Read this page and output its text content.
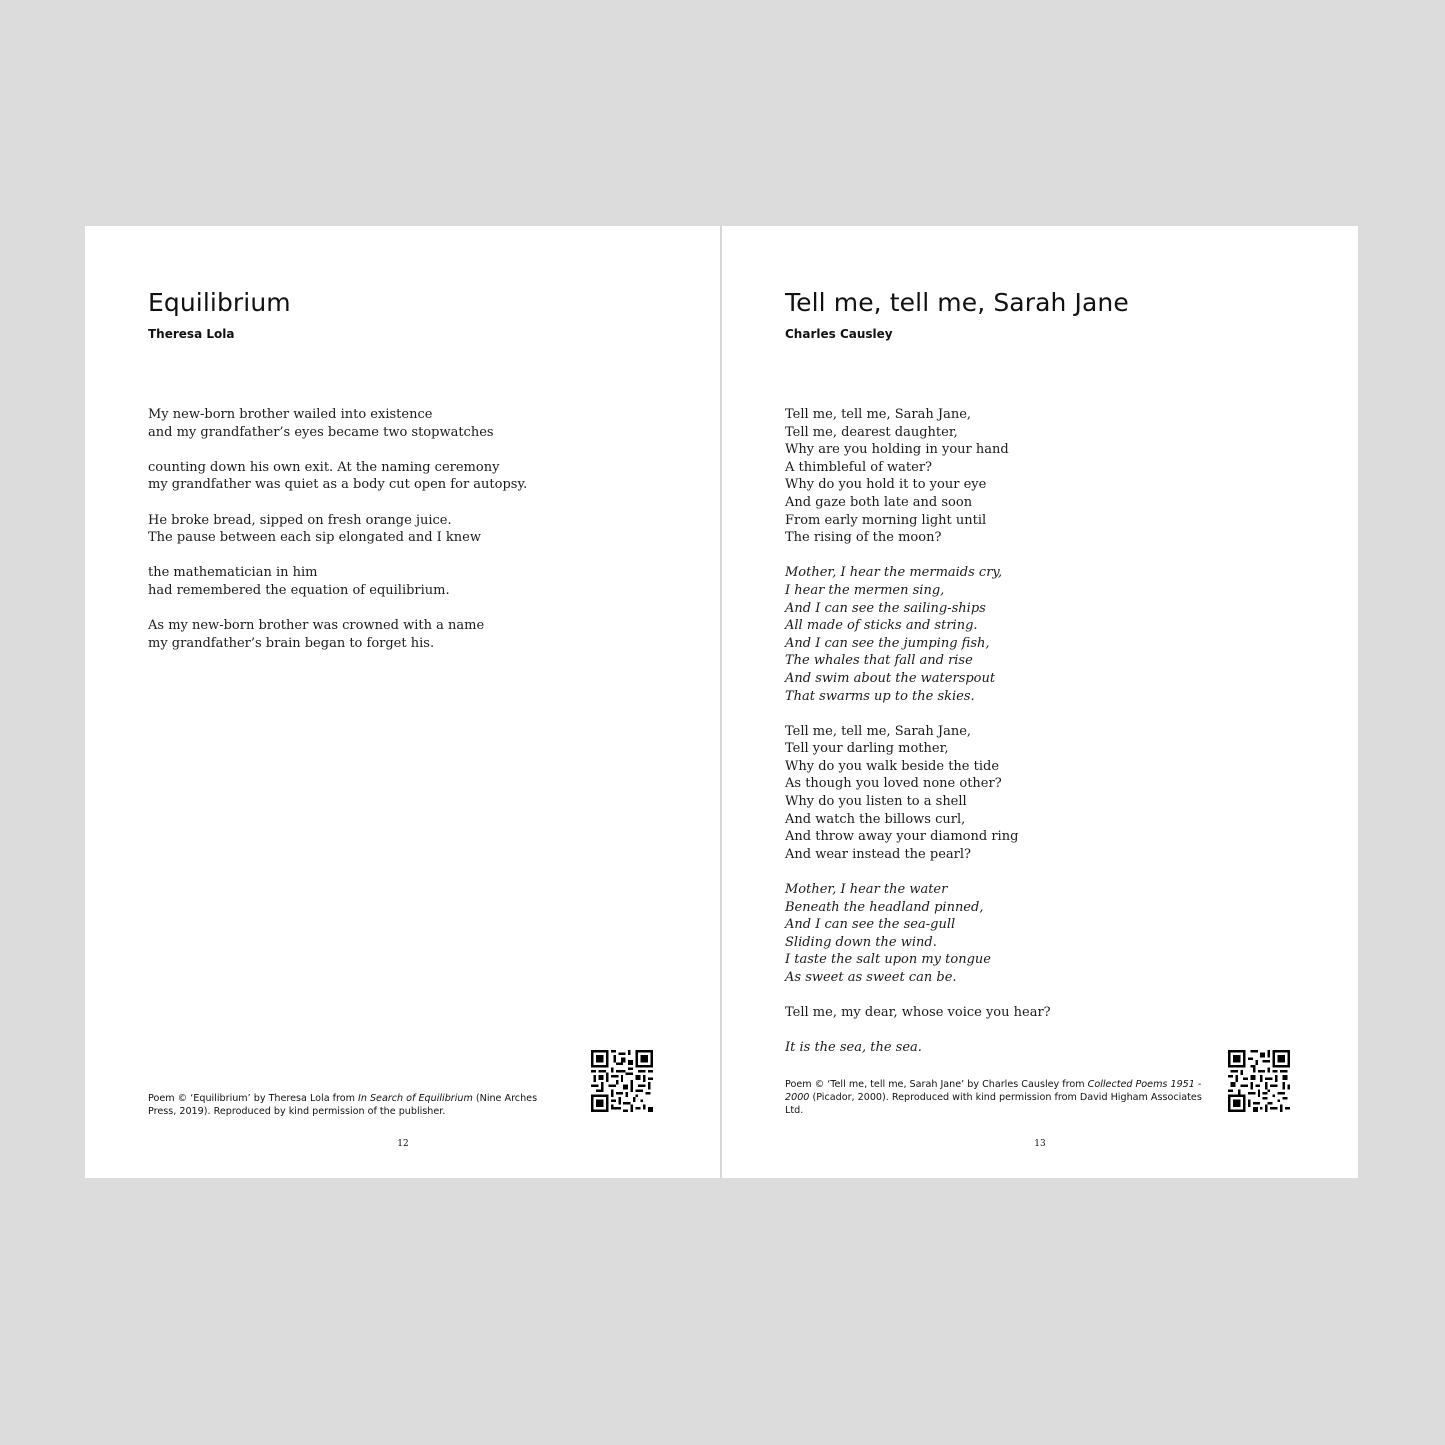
Equilibrium
Theresa Lola
My new-born brother wailed into existence
and my grandfather’s eyes became two stopwatches
counting down his own exit. At the naming ceremony
my grandfather was quiet as a body cut open for autopsy.
He broke bread, sipped on fresh orange juice.
The pause between each sip elongated and I knew
the mathematician in him
had remembered the equation of equilibrium.
As my new-born brother was crowned with a name
my grandfather’s brain began to forget his.

Poem © ‘Equilibrium’ by Theresa Lola from In Search of Equilibrium (Nine Arches Press, 2019). Reproduced by kind permission of the publisher.

12
Tell me, tell me, Sarah Jane
Charles Causley
Tell me, tell me, Sarah Jane,
Tell me, dearest daughter,
Why are you holding in your hand
A thimbleful of water?
Why do you hold it to your eye
And gaze both late and soon
From early morning light until
The rising of the moon?
Mother, I hear the mermaids cry,
I hear the mermen sing,
And I can see the sailing-ships
All made of sticks and string.
And I can see the jumping fish,
The whales that fall and rise
And swim about the waterspout
That swarms up to the skies.
Tell me, tell me, Sarah Jane,
Tell your darling mother,
Why do you walk beside the tide
As though you loved none other?
Why do you listen to a shell
And watch the billows curl,
And throw away your diamond ring
And wear instead the pearl?
Mother, I hear the water
Beneath the headland pinned,
And I can see the sea-gull
Sliding down the wind.
I taste the salt upon my tongue
As sweet as sweet can be.
Tell me, my dear, whose voice you hear?
It is the sea, the sea.

Poem © ‘Tell me, tell me, Sarah Jane’ by Charles Causley from Collected Poems 1951 - 2000 (Picador, 2000). Reproduced with kind permission from David Higham Associates Ltd.

13
